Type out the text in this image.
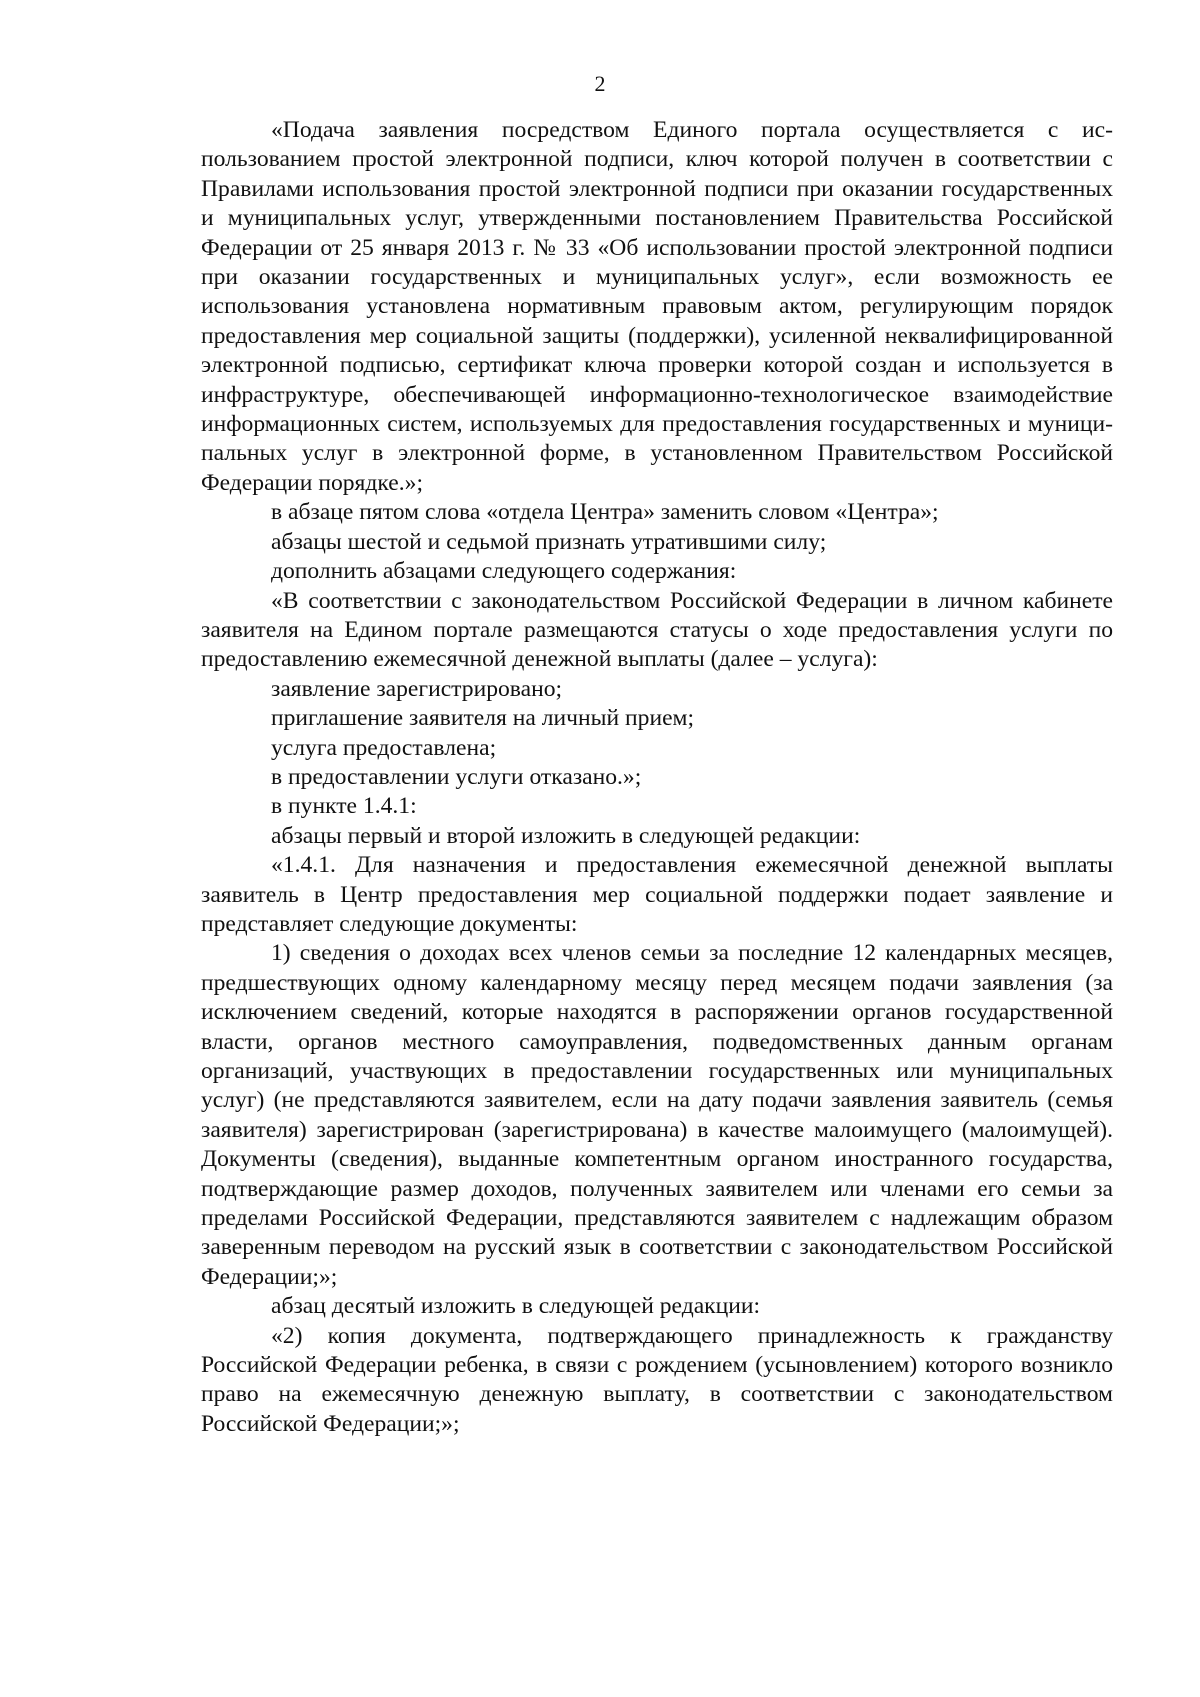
2

«Подача заявления посредством Единого портала осуществляется с использованием простой электронной подписи, ключ которой получен в соответствии с Правилами использования простой электронной подписи при оказании государственных и муниципальных услуг, утвержденными постановлением Правительства Российской Федерации от 25 января 2013 г. № 33 «Об использовании простой электронной подписи при оказании государственных и муниципальных услуг», если возможность ее использования установлена нормативным правовым актом, регулирующим порядок предоставления мер социальной защиты (поддержки), усиленной неквалифицированной электронной подписью, сертификат ключа проверки которой создан и используется в инфраструктуре, обеспечивающей информационно-технологическое взаимодействие информационных систем, используемых для предоставления государственных и муниципальных услуг в электронной форме, в установленном Правительством Российской Федерации порядке.»;

в абзаце пятом слова «отдела Центра» заменить словом «Центра»;

абзацы шестой и седьмой признать утратившими силу;

дополнить абзацами следующего содержания:

«В соответствии с законодательством Российской Федерации в личном кабинете заявителя на Едином портале размещаются статусы о ходе предоставления услуги по предоставлению ежемесячной денежной выплаты (далее – услуга):

заявление зарегистрировано;

приглашение заявителя на личный прием;

услуга предоставлена;

в предоставлении услуги отказано.»;

в пункте 1.4.1:

абзацы первый и второй изложить в следующей редакции:

«1.4.1. Для назначения и предоставления ежемесячной денежной выплаты заявитель в Центр предоставления мер социальной поддержки подает заявление и представляет следующие документы:

1) сведения о доходах всех членов семьи за последние 12 календарных месяцев, предшествующих одному календарному месяцу перед месяцем подачи заявления (за исключением сведений, которые находятся в распоряжении органов государственной власти, органов местного самоуправления, подведомственных данным органам организаций, участвующих в предоставлении государственных или муниципальных услуг) (не представляются заявителем, если на дату подачи заявления заявитель (семья заявителя) зарегистрирован (зарегистрирована) в качестве малоимущего (малоимущей). Документы (сведения), выданные компетентным органом иностранного государства, подтверждающие размер доходов, полученных заявителем или членами его семьи за пределами Российской Федерации, представляются заявителем с надлежащим образом заверенным переводом на русский язык в соответствии с законодательством Российской Федерации;»;

абзац десятый изложить в следующей редакции:

«2) копия документа, подтверждающего принадлежность к гражданству Российской Федерации ребенка, в связи с рождением (усыновлением) которого возникло право на ежемесячную денежную выплату, в соответствии с законодательством Российской Федерации;»;
